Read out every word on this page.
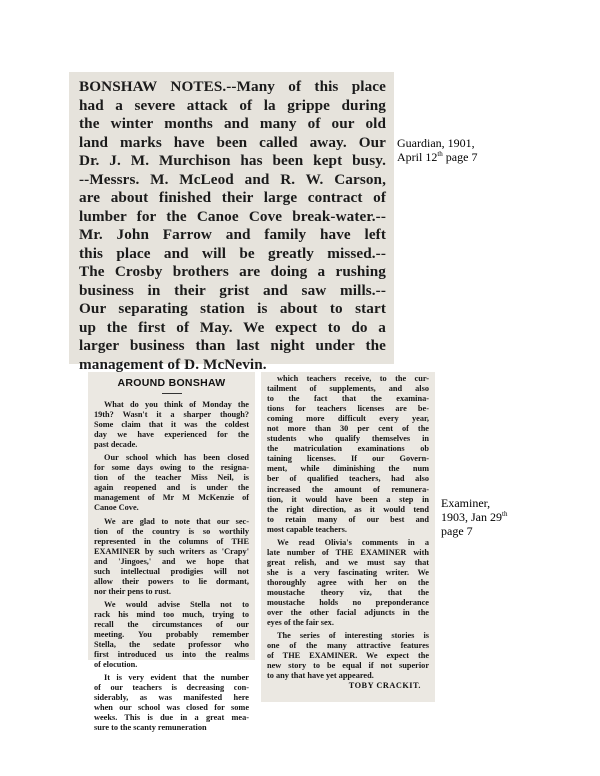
BONSHAW NOTES.--Many of this place
had a severe attack of la grippe during
the winter months and many of our old
land marks have been called away. Our
Dr. J. M. Murchison has been kept busy.
--Messrs. M. McLeod and R. W. Carson,
are about finished their large contract of
lumber for the Canoe Cove break-water.--
Mr. John Farrow and family have left
this place and will be greatly missed.--
The Crosby brothers are doing a rushing
business in their grist and saw mills.--
Our separating station is about to start
up the first of May. We expect to do a
larger business than last night under the
management of D. McNevin.
Guardian, 1901,
April 12th page 7
AROUND BONSHAW
What do you think of Monday the
19th? Wasn't it a sharper though?
Some claim that it was the coldest
day we have experienced for the
past decade.
Our school which has been closed
for some days owing to the resigna-
tion of the teacher Miss Neil, is
again reopened and is under the
management of Mr M McKenzie of
Canoe Cove.
We are glad to note that our sec-
tion of the country is so worthily
represented in the columns of THE
EXAMINER by such writers as 'Crapy'
and 'Jingoes,' and we hope that
such intellectual prodigies will not
allow their powers to lie dormant,
nor their pens to rust.
We would advise Stella not to
rack his mind too much, trying to
recall the circumstances of our
meeting. You probably remember
Stella, the sedate professor who
first introduced us into the realms
of elocution.
It is very evident that the number
of our teachers is decreasing con-
siderably, as was manifested here
when our school was closed for some
weeks. This is due in a great mea-
sure to the scanty remuneration
which teachers receive, to the cur-
tailment of supplements, and also
to the fact that the examina-
tions for teachers licenses are be-
coming more difficult every year,
not more than 30 per cent of the
students who qualify themselves in
the matriculation examinations ob
taining licenses. If our Govern-
ment, while diminishing the num
ber of qualified teachers, had also
increased the amount of remunera-
tion, it would have been a step in
the right direction, as it would tend
to retain many of our best and
most capable teachers.
We read Olivia's comments in a
late number of THE EXAMINER with
great relish, and we must say that
she is a very fascinating writer. We
thoroughly agree with her on the
moustache theory viz, that the
moustache holds no preponderance
over the other facial adjuncts in the
eyes of the fair sex.
The series of interesting stories is
one of the many attractive features
of THE EXAMINER. We expect the
new story to be equal if not superior
to any that have yet appeared.
TOBY CRACKIT.
Examiner,
1903, Jan 29th
page 7
